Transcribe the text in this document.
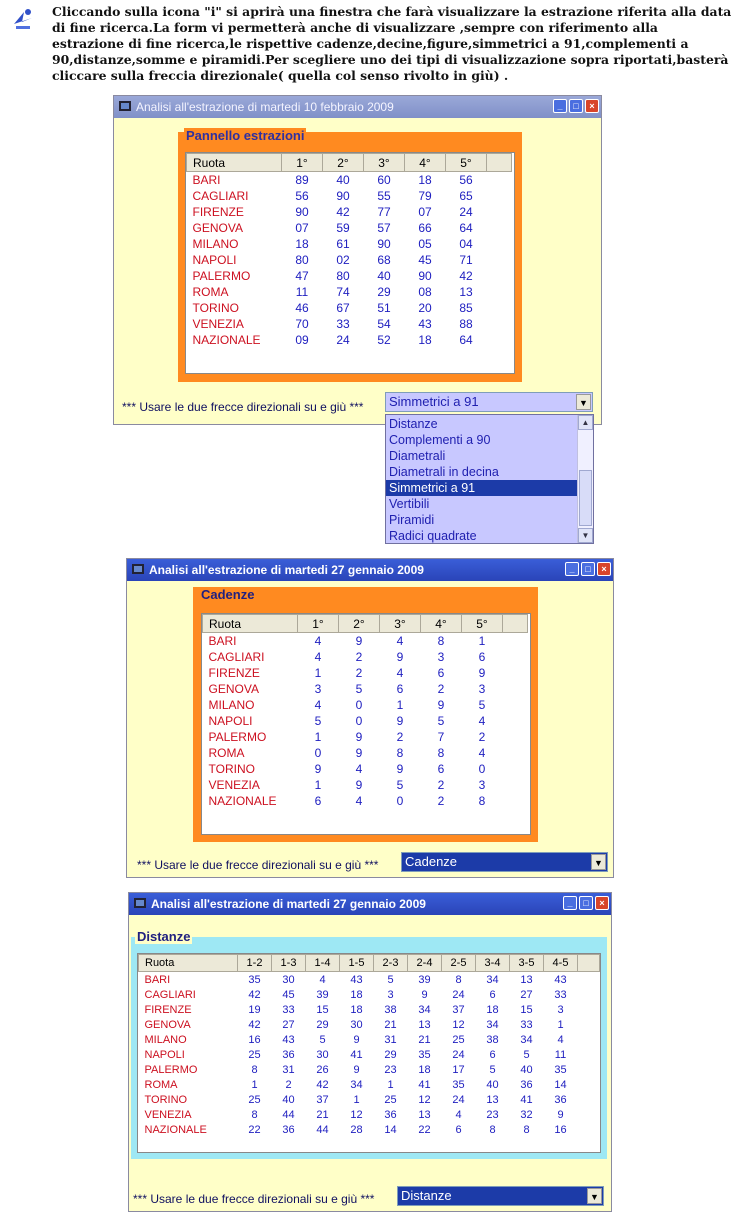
Cliccando sulla icona "i" si aprirà una finestra che farà visualizzare la estrazione riferita alla data di fine ricerca.La form vi permetterà anche di visualizzare ,sempre con riferimento alla estrazione di fine ricerca,le rispettive cadenze,decine,figure,simmetrici a 91,complementi a 90,distanze,somme e piramidi.Per scegliere uno dei tipi di visualizzazione sopra riportati,basterà cliccare sulla freccia direzionale( quella col senso rivolto in giù) .
Analisi all'estrazione di martedi 10 febbraio 2009	_	□	×
Pannello estrazioni
Ruota	1°	2°	3°	4°	5°	
BARI	89	40	60	18	56	
CAGLIARI	56	90	55	79	65	
FIRENZE	90	42	77	07	24	
GENOVA	07	59	57	66	64	
MILANO	18	61	90	05	04	
NAPOLI	80	02	68	45	71	
PALERMO	47	80	40	90	42	
ROMA	11	74	29	08	13	
TORINO	46	67	51	20	85	
VENEZIA	70	33	54	43	88	
NAZIONALE	09	24	52	18	64	
*** Usare le due frecce direzionali su e giù *** Simmetrici a 91	▼
Distanze
Complementi a 90
Diametrali
Diametrali in decina
Simmetrici a 91
Vertibili
Piramidi
Radici quadrate
▲
▼
Analisi all'estrazione di martedi 27 gennaio 2009	_	□	×
Cadenze
Ruota	1°	2°	3°	4°	5°	
BARI	4	9	4	8	1	
CAGLIARI	4	2	9	3	6	
FIRENZE	1	2	4	6	9	
GENOVA	3	5	6	2	3	
MILANO	4	0	1	9	5	
NAPOLI	5	0	9	5	4	
PALERMO	1	9	2	7	2	
ROMA	0	9	8	8	4	
TORINO	9	4	9	6	0	
VENEZIA	1	9	5	2	3	
NAZIONALE	6	4	0	2	8	
*** Usare le due frecce direzionali su e giù *** Cadenze	▼
Analisi all'estrazione di martedi 27 gennaio 2009	_	□	×
Distanze
Ruota	1-2	1-3	1-4	1-5	2-3	2-4	2-5	3-4	3-5	4-5	
BARI	35	30	4	43	5	39	8	34	13	43	
CAGLIARI	42	45	39	18	3	9	24	6	27	33	
FIRENZE	19	33	15	18	38	34	37	18	15	3	
GENOVA	42	27	29	30	21	13	12	34	33	1	
MILANO	16	43	5	9	31	21	25	38	34	4	
NAPOLI	25	36	30	41	29	35	24	6	5	11	
PALERMO	8	31	26	9	23	18	17	5	40	35	
ROMA	1	2	42	34	1	41	35	40	36	14	
TORINO	25	40	37	1	25	12	24	13	41	36	
VENEZIA	8	44	21	12	36	13	4	23	32	9	
NAZIONALE	22	36	44	28	14	22	6	8	8	16	
*** Usare le due frecce direzionali su e giù *** Distanze	▼
